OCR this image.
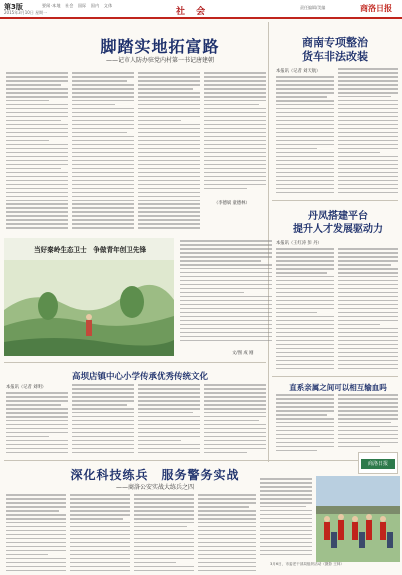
第3版
2015年3月10日 星期一
要闻·本地　社会　国际　国内　文体
社 会	责任编辑/美编	商洛日报
脚踏实地拓富路
——记市人防办驻党内村第一书记唐建朝
（李德斌 童德林）
商南专项整治
货车非法改装
本报讯（记者 刘天航）
当好秦岭生态卫士　争做青年创卫先锋
文/图 成 刚
丹凤搭建平台
提升人才发展驱动力
本报讯（王红涛 彭 丹）
高坝店镇中心小学传承优秀传统文化
本报讯（记者 刘明）	直系亲属之间可以相互输血吗
深化科技练兵　服务警务实战
——商洛公安实战大练兵之四
商洛日报
3月6日，市委老干部局组织活动（摄影 王林）
